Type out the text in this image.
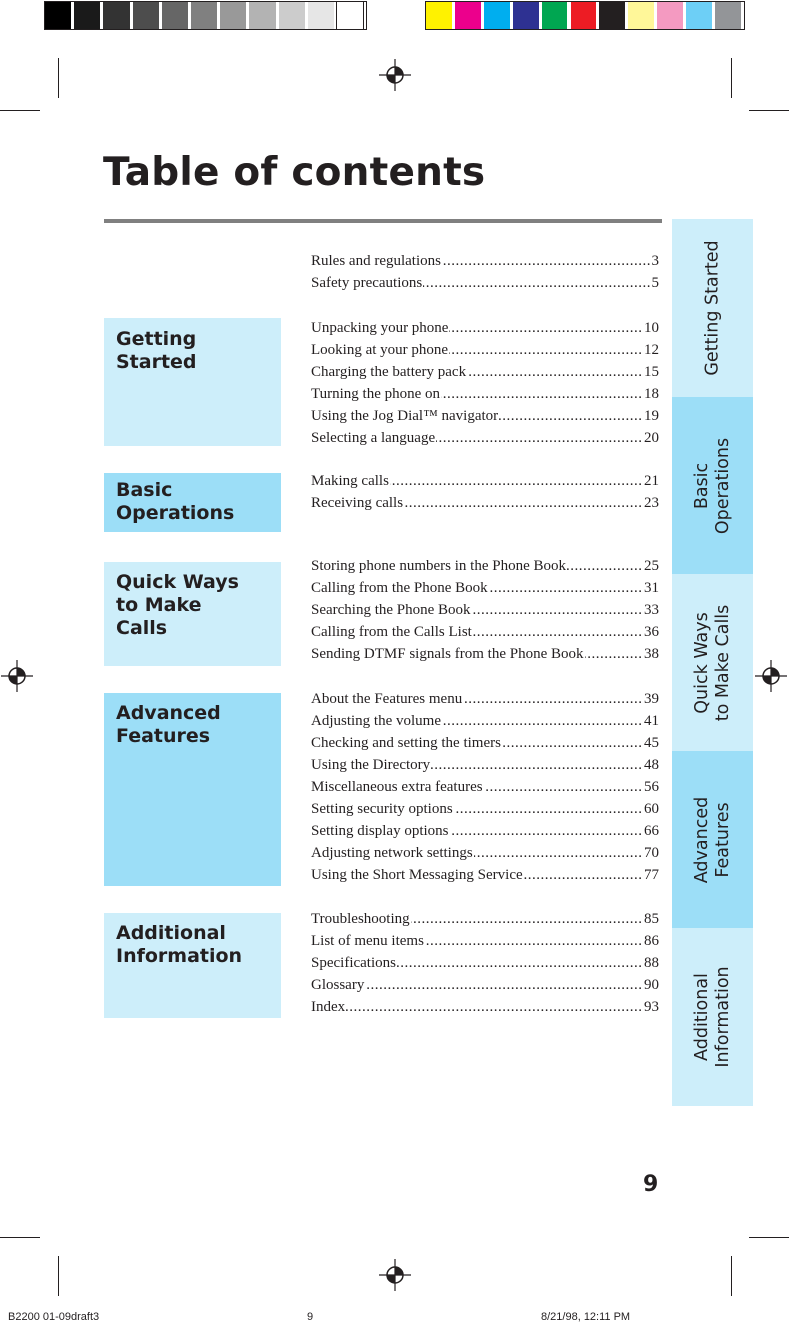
Table of contents
Getting Started
Basic Operations
Quick Ways to Make Calls
Advanced Features
Additional Information
..... Rules and regulations	3
..... Safety precautions	5
..... Unpacking your phone	10
..... Looking at your phone	12
..... Charging the battery pack	15
..... Turning the phone on	18
..... Using the Jog Dial™ navigator	19
..... Selecting a language	20
..... Making calls	21
..... Receiving calls	23
..... Storing phone numbers in the Phone Book	25
..... Calling from the Phone Book	31
..... Searching the Phone Book	33
..... Calling from the Calls List	36
..... Sending DTMF signals from the Phone Book	38
..... About the Features menu	39
..... Adjusting the volume	41
..... Checking and setting the timers	45
..... Using the Directory	48
..... Miscellaneous extra features	56
..... Setting security options	60
..... Setting display options	66
..... Adjusting network settings	70
..... Using the Short Messaging Service	77
..... Troubleshooting	85
..... List of menu items	86
..... Specifications	88
..... Glossary	90
..... Index	93
Getting Started
Basic
Operations
Quick Ways
to Make Calls
Advanced
Features
Additional
Information
9
B2200 01-09draft3	9	8/21/98, 12:11 PM
